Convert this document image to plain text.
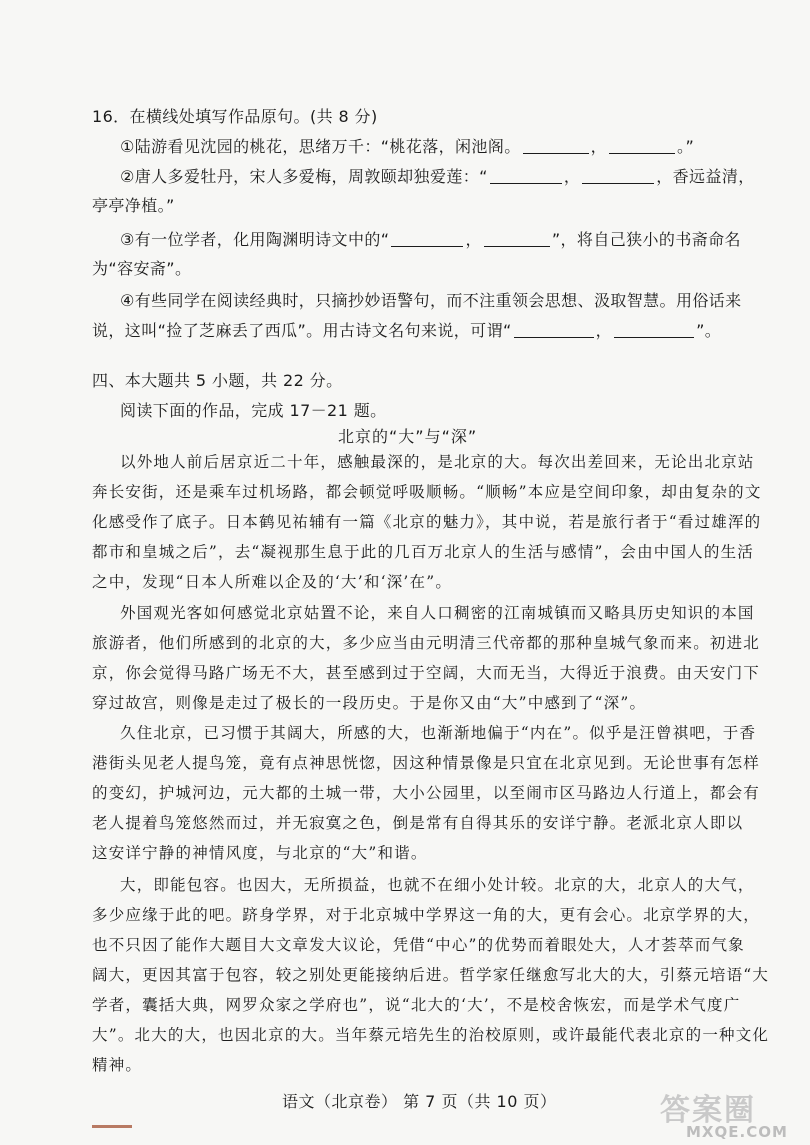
16．在横线处填写作品原句。(共 8 分)
①陆游看见沈园的桃花，思绪万千：“桃花落，闲池阁。	，	。”
②唐人多爱牡丹，宋人多爱梅，周敦颐却独爱莲：“	，	，香远益清，
亭亭净植。”
③有一位学者，化用陶渊明诗文中的“	，	”，将自己狭小的书斋命名
为“容安斋”。
④有些同学在阅读经典时，只摘抄妙语警句，而不注重领会思想、汲取智慧。用俗话来
说，这叫“捡了芝麻丢了西瓜”。用古诗文名句来说，可谓“	，	”。
四、本大题共 5 小题，共 22 分。
阅读下面的作品，完成 17－21 题。
北京的“大”与“深”
以外地人前后居京近二十年，感触最深的，是北京的大。每次出差回来，无论出北京站
奔长安街，还是乘车过机场路，都会顿觉呼吸顺畅。“顺畅”本应是空间印象，却由复杂的文
化感受作了底子。日本鹤见祐辅有一篇《北京的魅力》，其中说，若是旅行者于“看过雄浑的
都市和皇城之后”，去“凝视那生息于此的几百万北京人的生活与感情”，会由中国人的生活
之中，发现“日本人所难以企及的‘大’和‘深’在”。
外国观光客如何感觉北京姑置不论，来自人口稠密的江南城镇而又略具历史知识的本国
旅游者，他们所感到的北京的大，多少应当由元明清三代帝都的那种皇城气象而来。初进北
京，你会觉得马路广场无不大，甚至感到过于空阔，大而无当，大得近于浪费。由天安门下
穿过故宫，则像是走过了极长的一段历史。于是你又由“大”中感到了“深”。
久住北京，已习惯于其阔大，所感的大，也渐渐地偏于“内在”。似乎是汪曾祺吧，于香
港街头见老人提鸟笼，竟有点神思恍惚，因这种情景像是只宜在北京见到。无论世事有怎样
的变幻，护城河边，元大都的土城一带，大小公园里，以至闹市区马路边人行道上，都会有
老人提着鸟笼悠然而过，并无寂寞之色，倒是常有自得其乐的安详宁静。老派北京人即以
这安详宁静的神情风度，与北京的“大”和谐。
大，即能包容。也因大，无所损益，也就不在细小处计较。北京的大，北京人的大气，
多少应缘于此的吧。跻身学界，对于北京城中学界这一角的大，更有会心。北京学界的大，
也不只因了能作大题目大文章发大议论，凭借“中心”的优势而着眼处大，人才荟萃而气象
阔大，更因其富于包容，较之别处更能接纳后进。哲学家任继愈写北大的大，引蔡元培语“大
学者，囊括大典，网罗众家之学府也”，说“北大的‘大’，不是校舍恢宏，而是学术气度广
大”。北大的大，也因北京的大。当年蔡元培先生的治校原则，或许最能代表北京的一种文化
精神。
语文（北京卷） 第 7 页（共 10 页）	答案圈
MXQE.COM
